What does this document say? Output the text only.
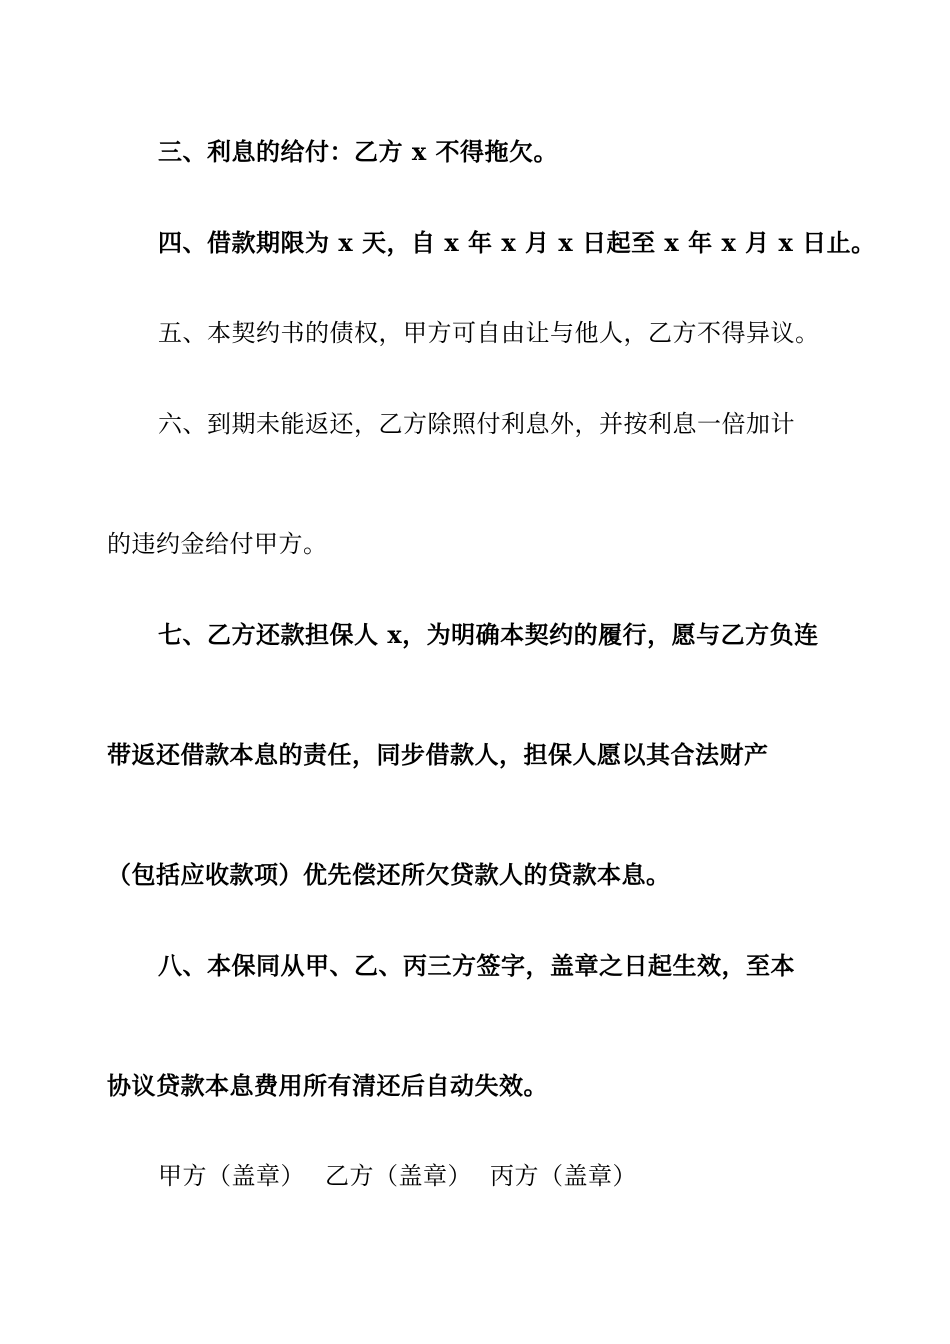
三、利息的给付：乙方 x 不得拖欠。
四、借款期限为 x 天，自 x 年 x 月 x 日起至 x 年 x 月 x 日止。
五、本契约书的债权，甲方可自由让与他人，乙方不得异议。
六、到期未能返还，乙方除照付利息外，并按利息一倍加计
的违约金给付甲方。
七、乙方还款担保人 x，为明确本契约的履行，愿与乙方负连
带返还借款本息的责任，同步借款人，担保人愿以其合法财产
（包括应收款项）优先偿还所欠贷款人的贷款本息。
八、本保同从甲、乙、丙三方签字，盖章之日起生效，至本
协议贷款本息费用所有清还后自动失效。
甲方（盖章） 乙方（盖章） 丙方（盖章）
